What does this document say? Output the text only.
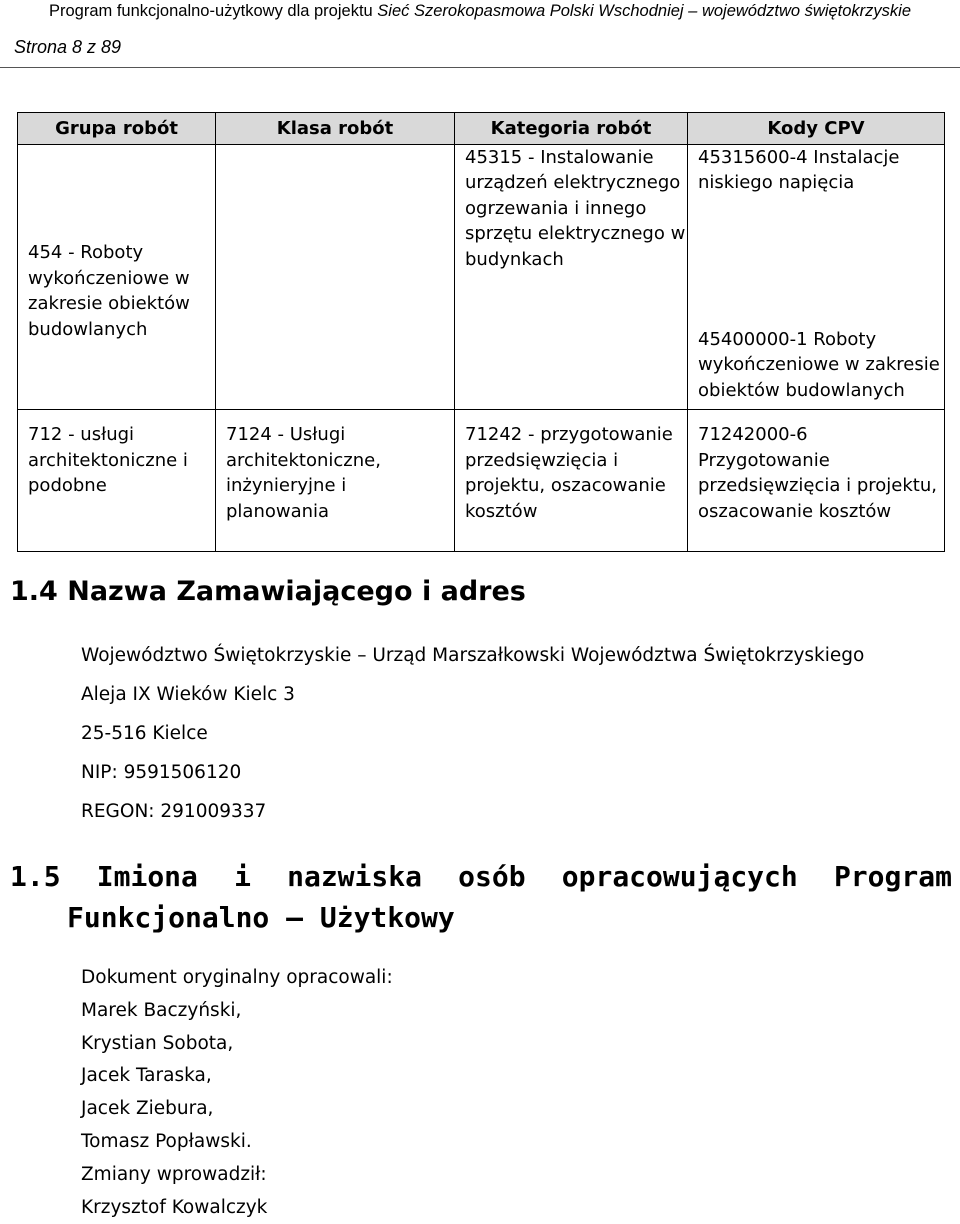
Program funkcjonalno-użytkowy dla projektu Sieć Szerokopasmowa Polski Wschodniej – województwo świętokrzyskie
Strona 8 z 89
Grupa robót	Klasa robót	Kategoria robót	Kody CPV
454 - Roboty wykończeniowe w zakresie obiektów budowlanych		45315 - Instalowanie urządzeń elektrycznego ogrzewania i innego sprzętu elektrycznego w budynkach	45315600-4 Instalacje niskiego napięcia
			45400000-1 Roboty wykończeniowe w zakresie obiektów budowlanych
712 - usługi architektoniczne i podobne	7124 - Usługi architektoniczne, inżynieryjne i planowania	71242 - przygotowanie przedsięwzięcia i projektu, oszacowanie kosztów	71242000-6 Przygotowanie przedsięwzięcia i projektu, oszacowanie kosztów
1.4 Nazwa Zamawiającego i adres
Województwo Świętokrzyskie – Urząd Marszałkowski Województwa Świętokrzyskiego
Aleja IX Wieków Kielc 3
25-516 Kielce
NIP: 9591506120
REGON: 291009337
1.5 Imiona i nazwiska osób opracowujących Program
Funkcjonalno – Użytkowy
Dokument oryginalny opracowali:
Marek Baczyński,
Krystian Sobota,
Jacek Taraska,
Jacek Ziebura,
Tomasz Popławski.
Zmiany wprowadził:
Krzysztof Kowalczyk
